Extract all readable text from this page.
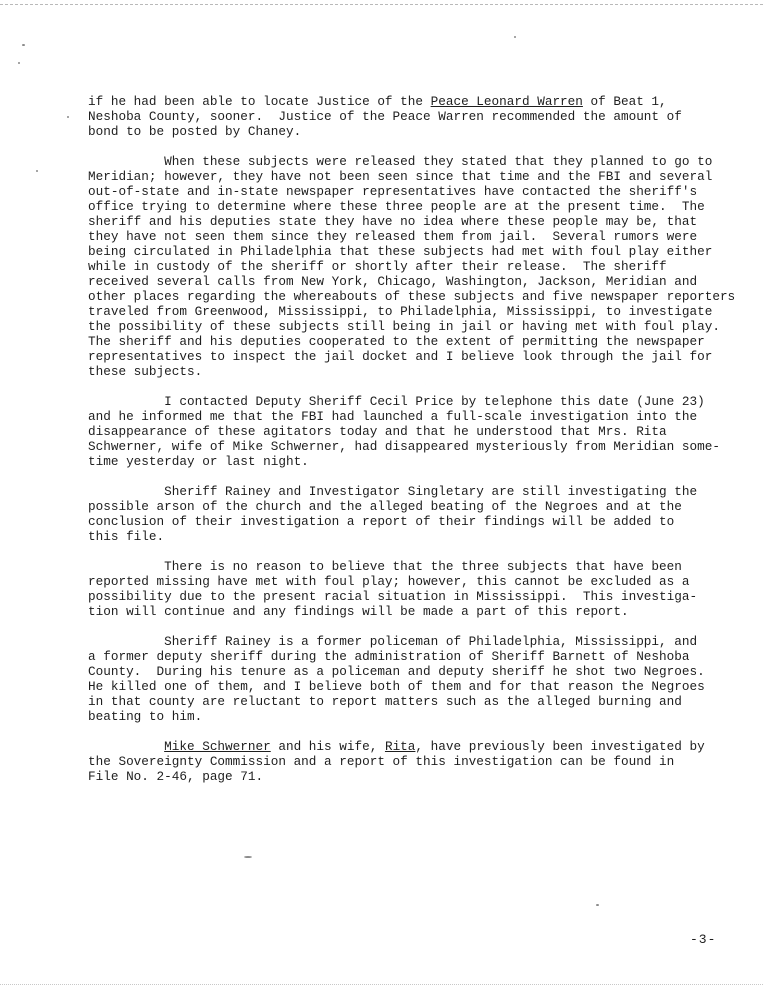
if he had been able to locate Justice of the Peace Leonard Warren of Beat 1,
Neshoba County, sooner.  Justice of the Peace Warren recommended the amount of
bond to be posted by Chaney.

When these subjects were released they stated that they planned to go to
Meridian; however, they have not been seen since that time and the FBI and several
out-of-state and in-state newspaper representatives have contacted the sheriff's
office trying to determine where these three people are at the present time.  The
sheriff and his deputies state they have no idea where these people may be, that
they have not seen them since they released them from jail.  Several rumors were
being circulated in Philadelphia that these subjects had met with foul play either
while in custody of the sheriff or shortly after their release.  The sheriff
received several calls from New York, Chicago, Washington, Jackson, Meridian and
other places regarding the whereabouts of these subjects and five newspaper reporters
traveled from Greenwood, Mississippi, to Philadelphia, Mississippi, to investigate
the possibility of these subjects still being in jail or having met with foul play.
The sheriff and his deputies cooperated to the extent of permitting the newspaper
representatives to inspect the jail docket and I believe look through the jail for
these subjects.

I contacted Deputy Sheriff Cecil Price by telephone this date (June 23)
and he informed me that the FBI had launched a full-scale investigation into the
disappearance of these agitators today and that he understood that Mrs. Rita
Schwerner, wife of Mike Schwerner, had disappeared mysteriously from Meridian some-
time yesterday or last night.

Sheriff Rainey and Investigator Singletary are still investigating the
possible arson of the church and the alleged beating of the Negroes and at the
conclusion of their investigation a report of their findings will be added to
this file.

There is no reason to believe that the three subjects that have been
reported missing have met with foul play; however, this cannot be excluded as a
possibility due to the present racial situation in Mississippi.  This investiga-
tion will continue and any findings will be made a part of this report.

Sheriff Rainey is a former policeman of Philadelphia, Mississippi, and
a former deputy sheriff during the administration of Sheriff Barnett of Neshoba
County.  During his tenure as a policeman and deputy sheriff he shot two Negroes.
He killed one of them, and I believe both of them and for that reason the Negroes
in that county are reluctant to report matters such as the alleged burning and
beating to him.

Mike Schwerner and his wife, Rita, have previously been investigated by
the Sovereignty Commission and a report of this investigation can be found in
File No. 2-46, page 71.

-3-
